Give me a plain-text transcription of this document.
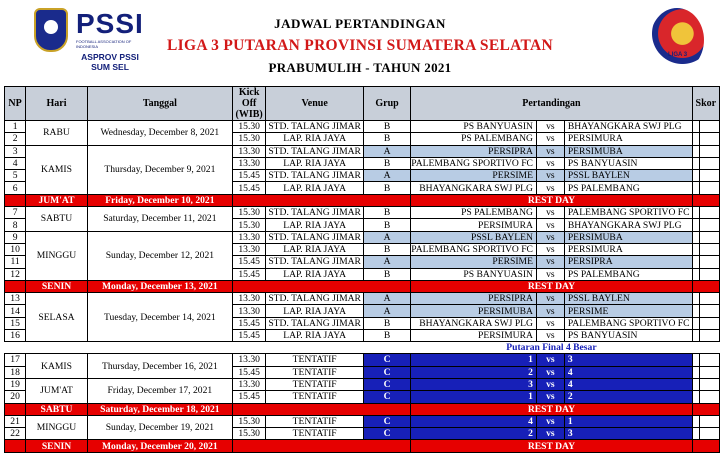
PSSI
FOOTBALL ASSOCIATION OF INDONESIA
ASPROV PSSI
SUM SEL
JADWAL PERTANDINGAN
LIGA 3 PUTARAN PROVINSI SUMATERA SELATAN
PRABUMULIH - TAHUN 2021
LIGA 3
NP	Hari	Tanggal	Kick Off (WIB)	Venue	Grup	Pertandingan			Skor	
1	RABU	Wednesday, December 8, 2021	15.30	STD. TALANG JIMAR	B	PS BANYUASIN	vs	BHAYANGKARA SWJ PLG		
2			15.30	LAP. RIA JAYA	B	PS PALEMBANG	vs	PERSIMURA		
3	KAMIS	Thursday, December 9, 2021	13.30	STD. TALANG JIMAR	A	PERSIPRA	vs	PERSIMUBA		
4			13.30	LAP. RIA JAYA	B	PALEMBANG SPORTIVO FC	vs	PS BANYUASIN		
5			15.45	STD. TALANG JIMAR	A	PERSIME	vs	PSSL BAYLEN		
6			15.45	LAP. RIA JAYA	B	BHAYANGKARA SWJ PLG	vs	PS PALEMBANG		
	JUM'AT	Friday, December 10, 2021				REST DAY				
7	SABTU	Saturday, December 11, 2021	15.30	STD. TALANG JIMAR	B	PS PALEMBANG	vs	PALEMBANG SPORTIVO FC		
8			15.30	LAP. RIA JAYA	B	PERSIMURA	vs	BHAYANGKARA SWJ PLG		
9	MINGGU	Sunday, December 12, 2021	13.30	STD. TALANG JIMAR	A	PSSL BAYLEN	vs	PERSIMUBA		
10			13.30	LAP. RIA JAYA	B	PALEMBANG SPORTIVO FC	vs	PERSIMURA		
11			15.45	STD. TALANG JIMAR	A	PERSIME	vs	PERSIPRA		
12			15.45	LAP. RIA JAYA	B	PS BANYUASIN	vs	PS PALEMBANG		
	SENIN	Monday, December 13, 2021				REST DAY				
13	SELASA	Tuesday, December 14, 2021	13.30	STD. TALANG JIMAR	A	PERSIPRA	vs	PSSL BAYLEN		
14			13.30	LAP. RIA JAYA	A	PERSIMUBA	vs	PERSIME		
15			15.45	STD. TALANG JIMAR	B	BHAYANGKARA SWJ PLG	vs	PALEMBANG SPORTIVO FC		
16			15.45	LAP. RIA JAYA	B	PERSIMURA	vs	PS BANYUASIN		
						Putaran Final 4 Besar				
17	KAMIS	Thursday, December 16, 2021	13.30	TENTATIF	C	1	vs	3		
18			15.45	TENTATIF	C	2	vs	4		
19	JUM'AT	Friday, December 17, 2021	13.30	TENTATIF	C	3	vs	4		
20			15.45	TENTATIF	C	1	vs	2		
	SABTU	Saturday, December 18, 2021				REST DAY				
21	MINGGU	Sunday, December 19, 2021	15.30	TENTATIF	C	4	vs	1		
22			15.30	TENTATIF	C	2	vs	3		
	SENIN	Monday, December 20, 2021				REST DAY				
